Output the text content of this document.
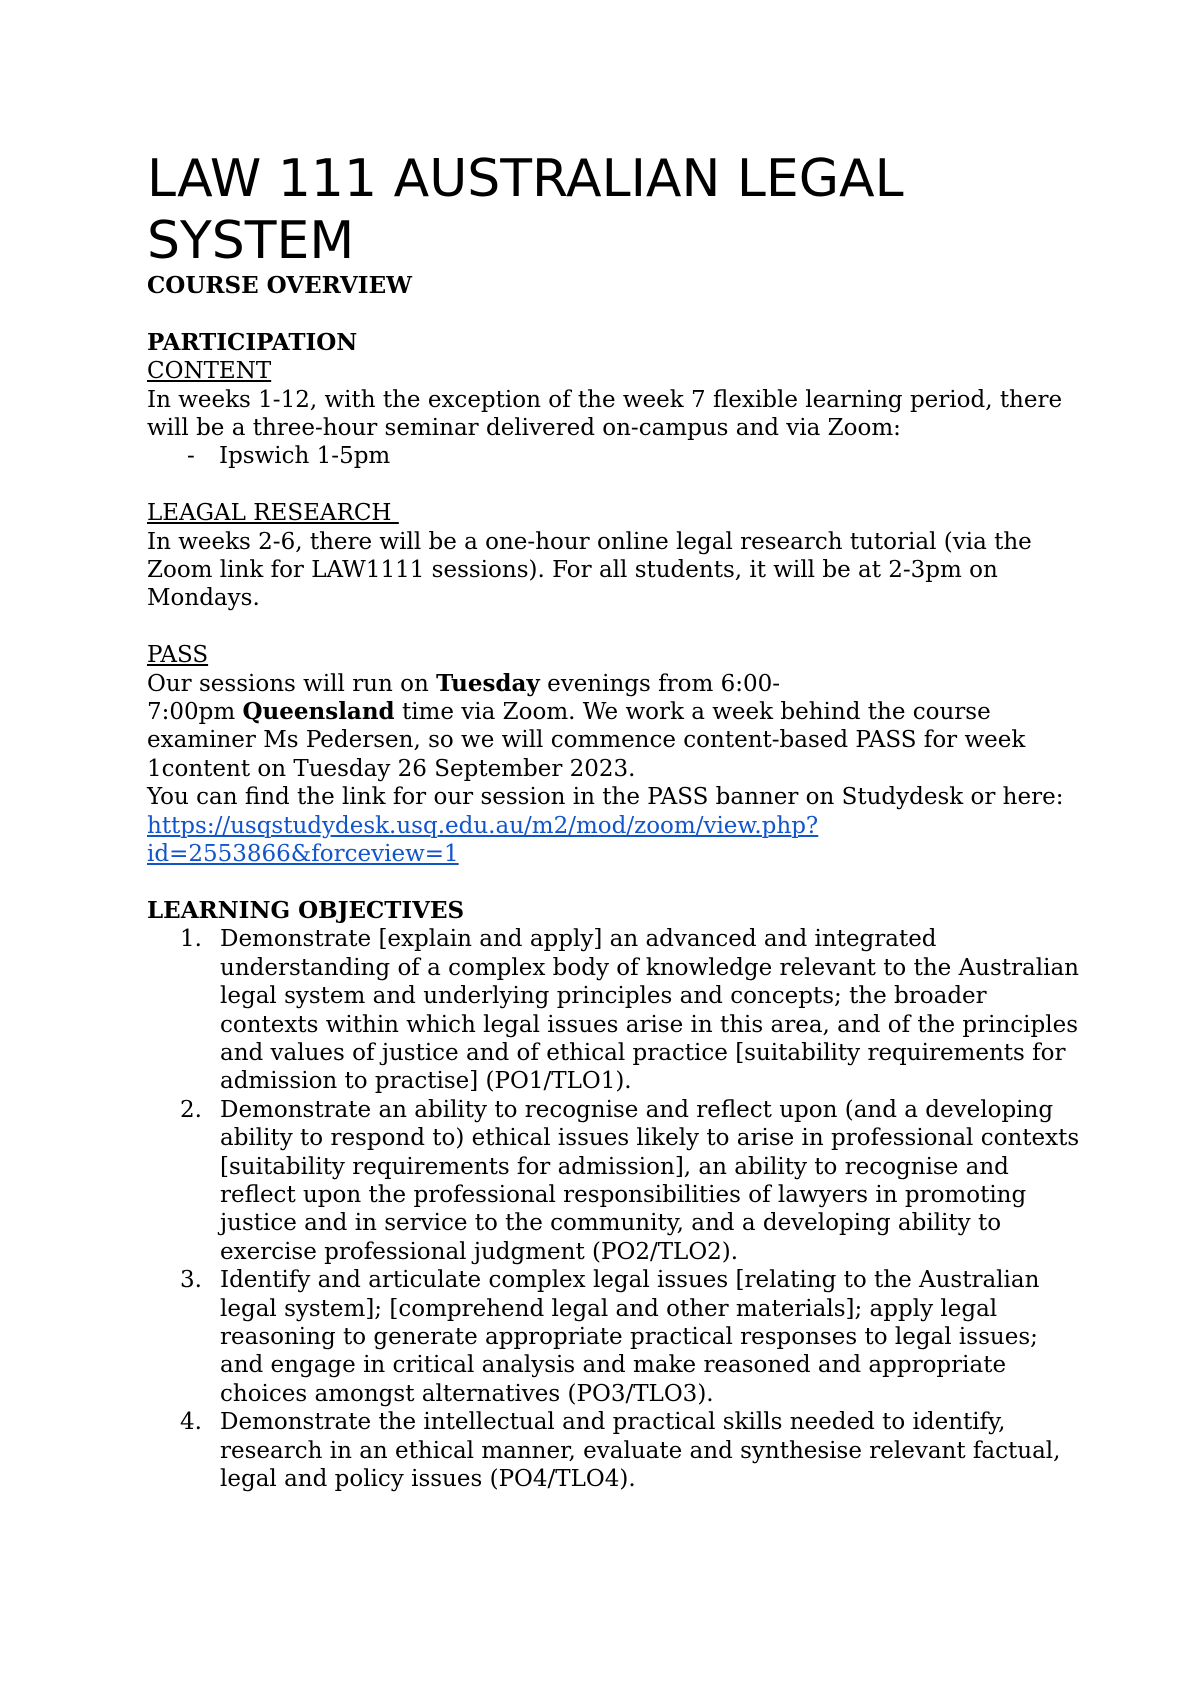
LAW 111 AUSTRALIAN LEGAL SYSTEM

COURSE OVERVIEW

PARTICIPATION

CONTENT

In weeks 1-12, with the exception of the week 7 flexible learning period, there will be a three-hour seminar delivered on-campus and via Zoom:

- Ipswich 1-5pm

LEAGAL RESEARCH

In weeks 2-6, there will be a one-hour online legal research tutorial (via the Zoom link for LAW1111 sessions). For all students, it will be at 2-3pm on Mondays.

PASS

Our sessions will run on Tuesday evenings from 6:00-
7:00pm Queensland time via Zoom. We work a week behind the course examiner Ms Pedersen, so we will commence content-based PASS for week 1content on Tuesday 26 September 2023.

You can find the link for our session in the PASS banner on Studydesk or here:

https://usqstudydesk.usq.edu.au/m2/mod/zoom/view.php?
id=2553866&forceview=1

LEARNING OBJECTIVES

1. Demonstrate [explain and apply] an advanced and integrated understanding of a complex body of knowledge relevant to the Australian legal system and underlying principles and concepts; the broader contexts within which legal issues arise in this area, and of the principles and values of justice and of ethical practice [suitability requirements for admission to practise] (PO1/TLO1).
2. Demonstrate an ability to recognise and reflect upon (and a developing ability to respond to) ethical issues likely to arise in professional contexts [suitability requirements for admission], an ability to recognise and reflect upon the professional responsibilities of lawyers in promoting justice and in service to the community, and a developing ability to exercise professional judgment (PO2/TLO2).
3. Identify and articulate complex legal issues [relating to the Australian legal system]; [comprehend legal and other materials]; apply legal reasoning to generate appropriate practical responses to legal issues; and engage in critical analysis and make reasoned and appropriate choices amongst alternatives (PO3/TLO3).
4. Demonstrate the intellectual and practical skills needed to identify, research in an ethical manner, evaluate and synthesise relevant factual, legal and policy issues (PO4/TLO4).
